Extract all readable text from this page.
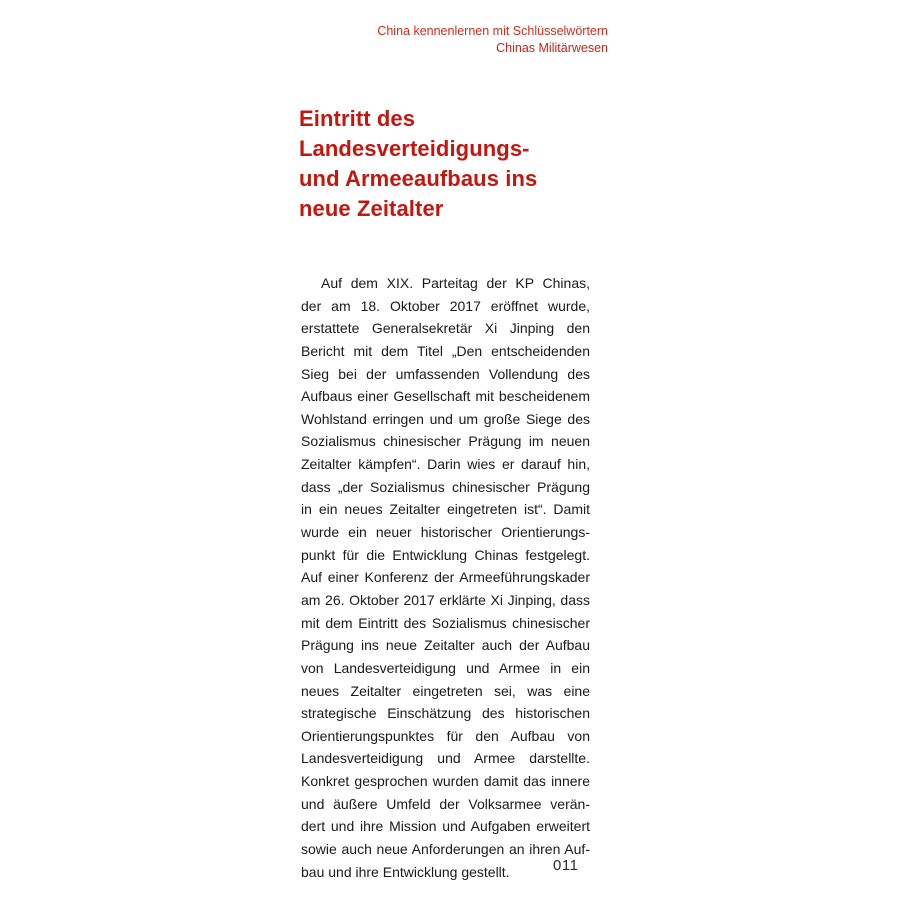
China kennenlernen mit Schlüsselwörtern
Chinas Militärwesen
Eintritt des
Landesverteidigungs-
und Armeeaufbaus ins
neue Zeitalter
Auf dem XIX. Parteitag der KP Chinas,
der am 18. Oktober 2017 eröffnet wurde,
erstattete Generalsekretär Xi Jinping den
Bericht mit dem Titel „Den entscheidenden
Sieg bei der umfassenden Vollendung des
Aufbaus einer Gesellschaft mit bescheidenem
Wohlstand erringen und um große Siege des
Sozialismus chinesischer Prägung im neuen
Zeitalter kämpfen“. Darin wies er darauf hin,
dass „der Sozialismus chinesischer Prägung
in ein neues Zeitalter eingetreten ist“. Damit
wurde ein neuer historischer Orientierungs-
punkt für die Entwicklung Chinas festgelegt.
Auf einer Konferenz der Armeeführungskader
am 26. Oktober 2017 erklärte Xi Jinping, dass
mit dem Eintritt des Sozialismus chinesischer
Prägung ins neue Zeitalter auch der Aufbau
von Landesverteidigung und Armee in ein
neues Zeitalter eingetreten sei, was eine
strategische Einschätzung des historischen
Orientierungspunktes für den Aufbau von
Landesverteidigung und Armee darstellte.
Konkret gesprochen wurden damit das innere
und äußere Umfeld der Volksarmee verän-
dert und ihre Mission und Aufgaben erweitert
sowie auch neue Anforderungen an ihren Auf-
bau und ihre Entwicklung gestellt.	011
